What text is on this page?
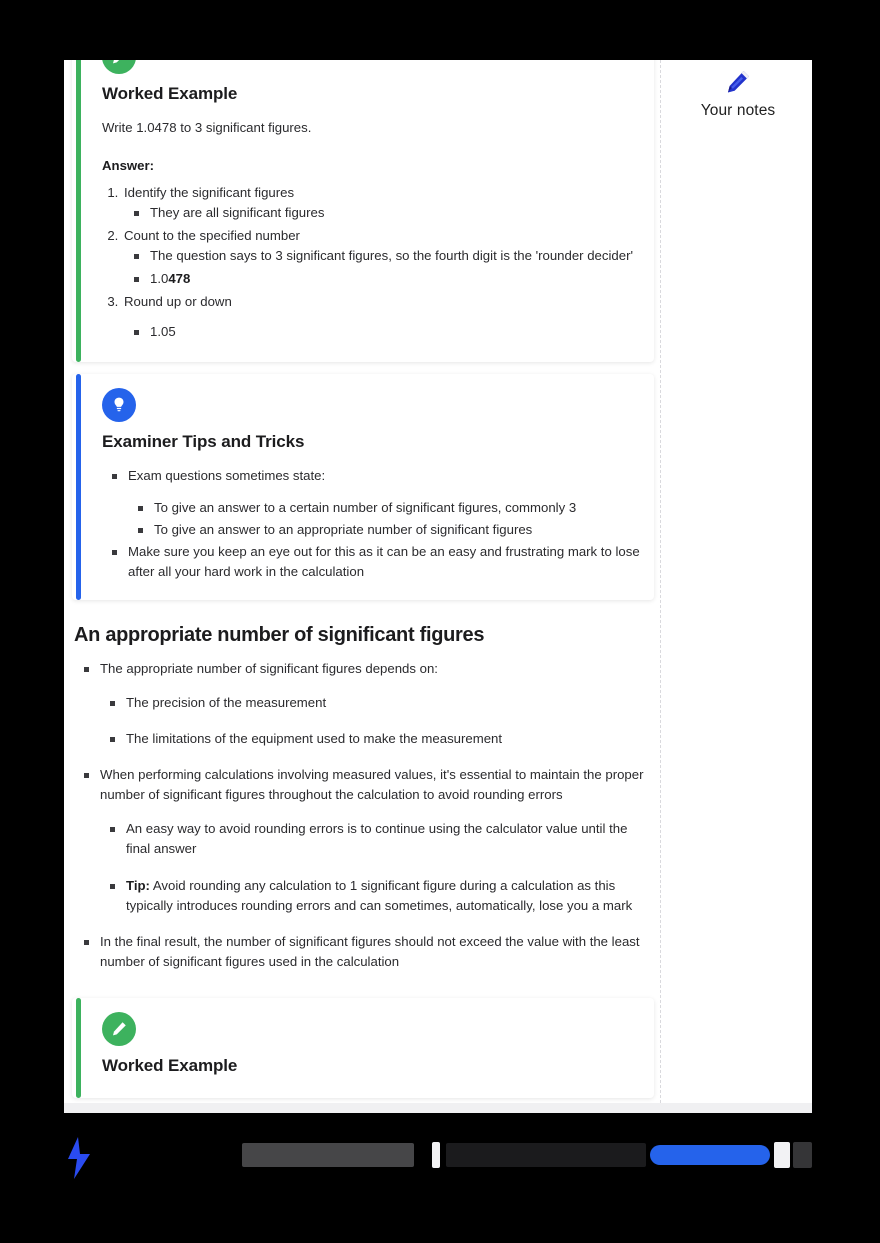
Your notes
Worked Example
Write 1.0478 to 3 significant figures.
Answer:
1. Identify the significant figures
They are all significant figures
2. Count to the specified number
The question says to 3 significant figures, so the fourth digit is the 'rounder decider'
1.0478
3. Round up or down
1.05
Examiner Tips and Tricks
Exam questions sometimes state:
To give an answer to a certain number of significant figures, commonly 3
To give an answer to an appropriate number of significant figures
Make sure you keep an eye out for this as it can be an easy and frustrating mark to lose after all your hard work in the calculation
An appropriate number of significant figures
The appropriate number of significant figures depends on:
The precision of the measurement
The limitations of the equipment used to make the measurement
When performing calculations involving measured values, it's essential to maintain the proper number of significant figures throughout the calculation to avoid rounding errors
An easy way to avoid rounding errors is to continue using the calculator value until the final answer
Tip: Avoid rounding any calculation to 1 significant figure during a calculation as this typically introduces rounding errors and can sometimes, automatically, lose you a mark
In the final result, the number of significant figures should not exceed the value with the least number of significant figures used in the calculation
Worked Example
